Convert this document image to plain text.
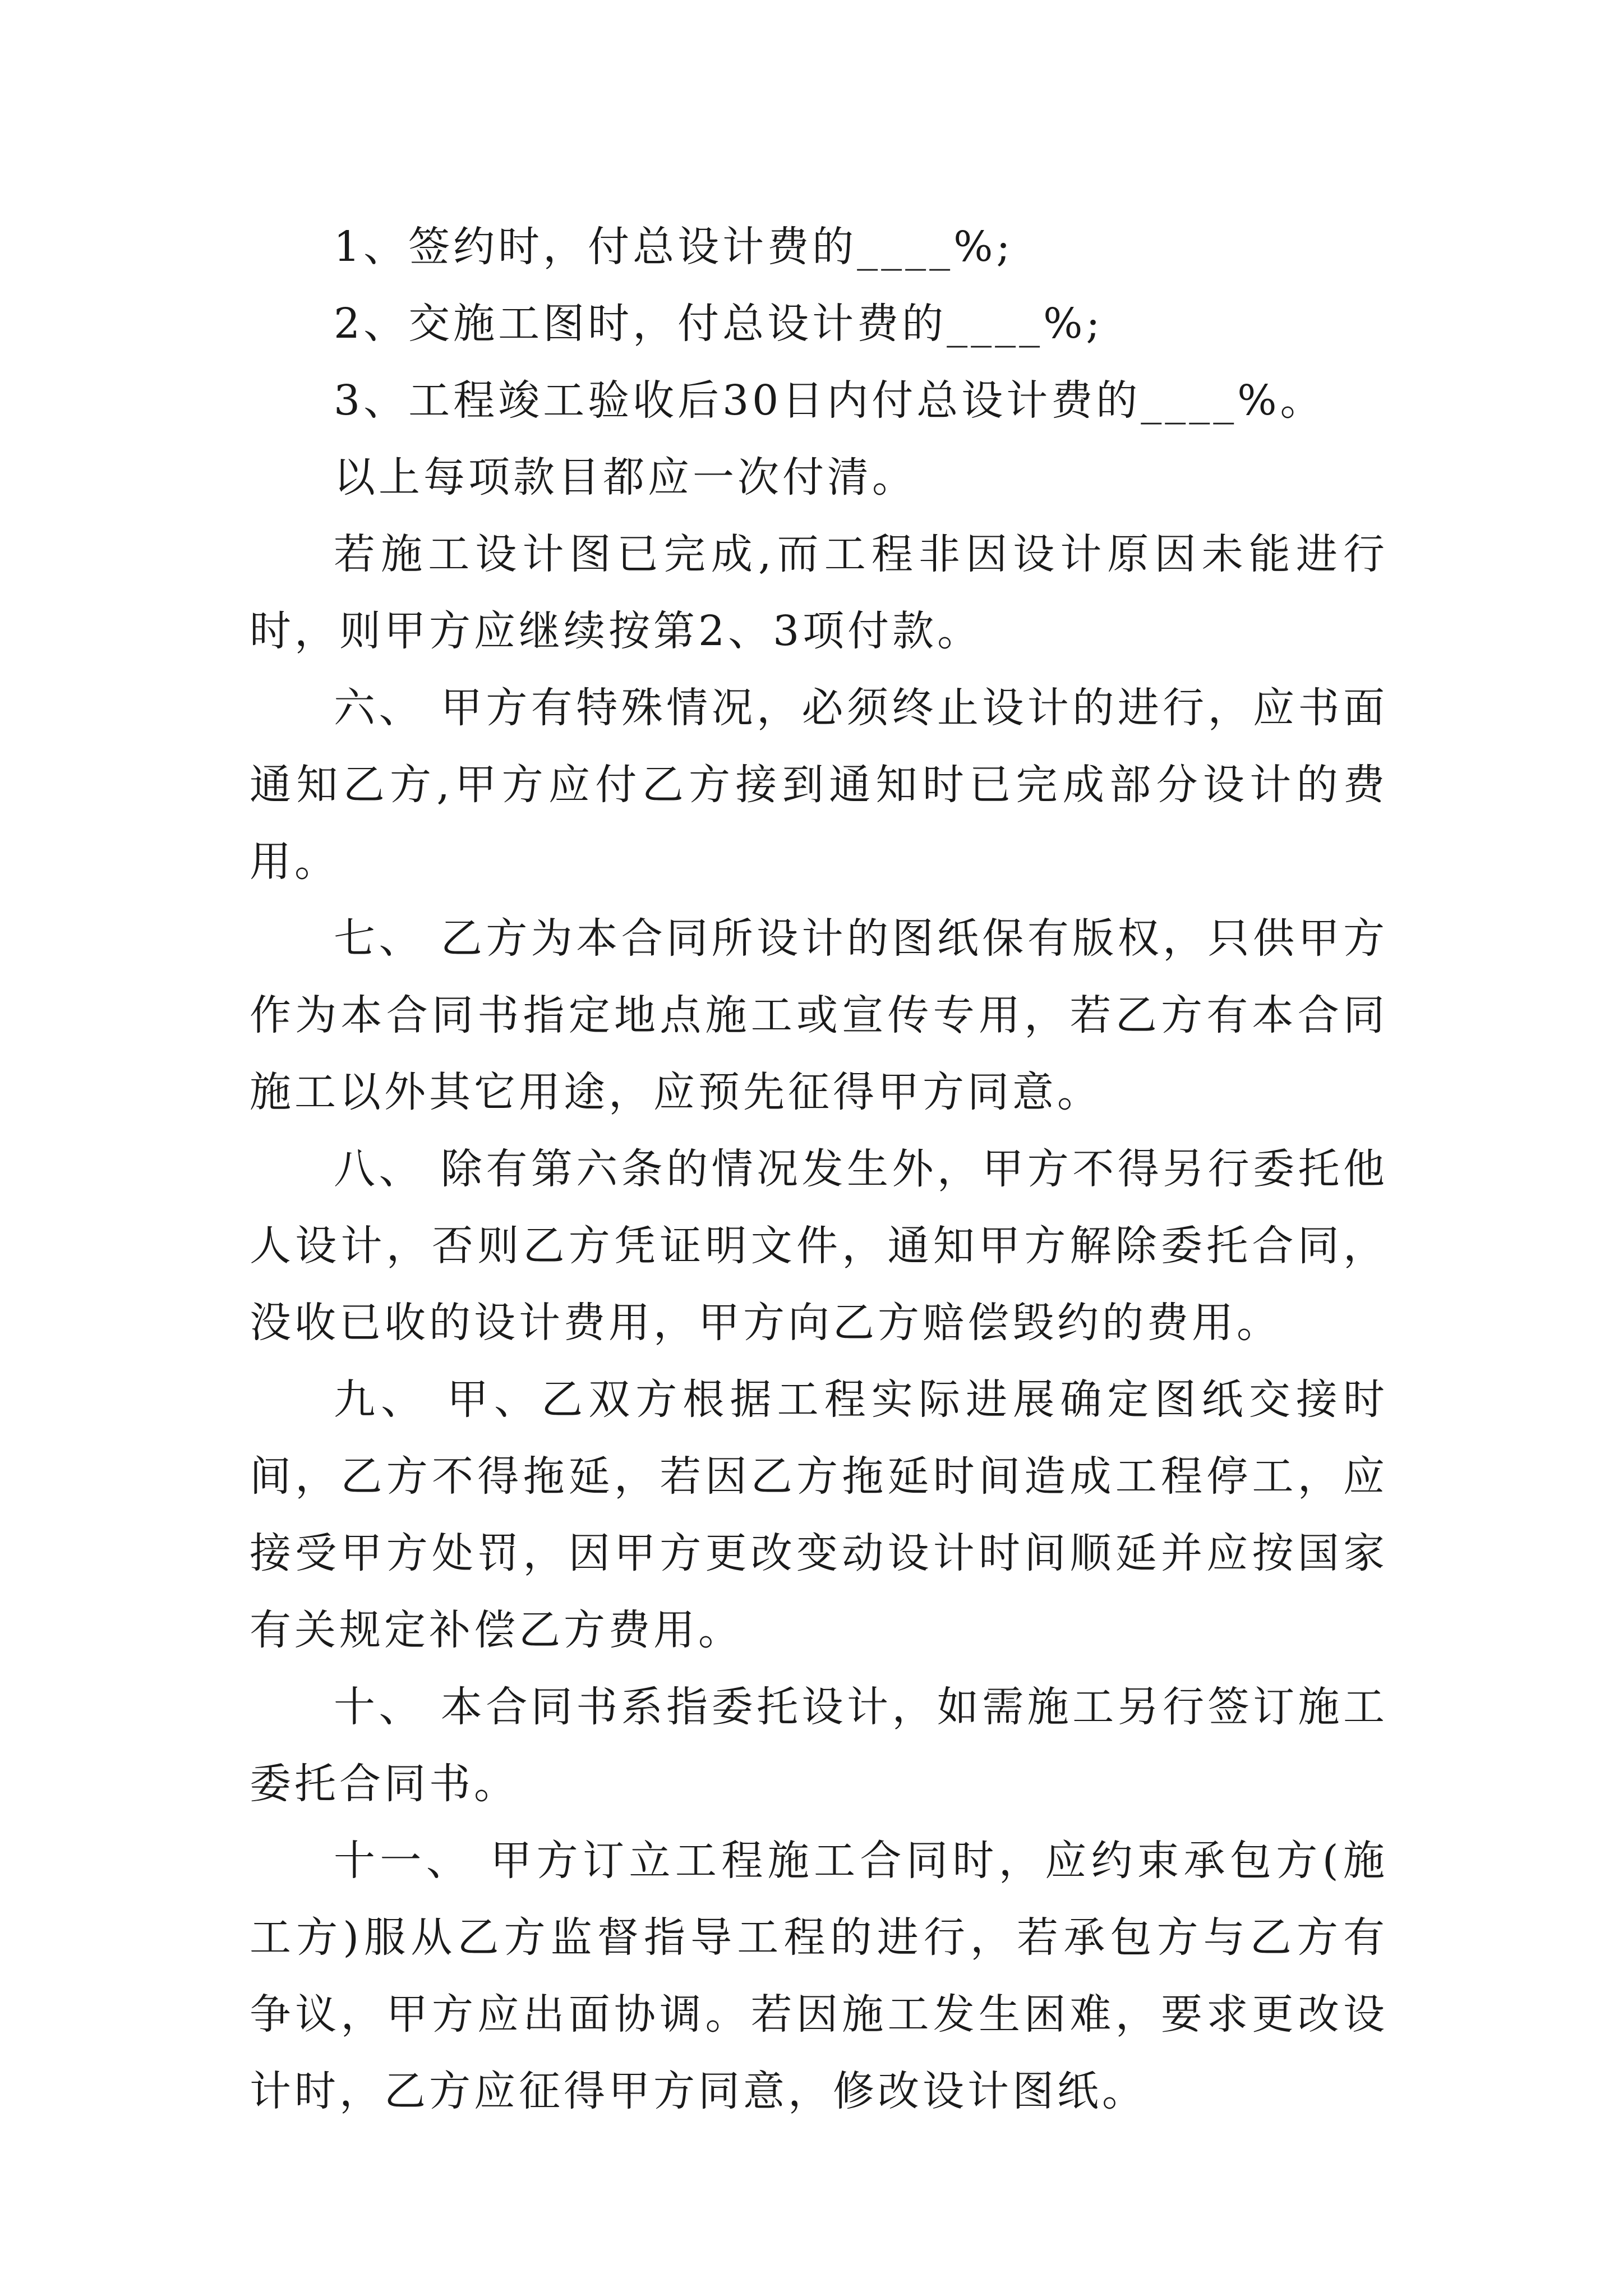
1、签约时，付总设计费的____%;

2、交施工图时，付总设计费的____%;

3、工程竣工验收后30日内付总设计费的____%。

以上每项款目都应一次付清。

若施工设计图已完成,而工程非因设计原因未能进行时，则甲方应继续按第2、3项付款。

六、 甲方有特殊情况，必须终止设计的进行，应书面通知乙方,甲方应付乙方接到通知时已完成部分设计的费用。

七、 乙方为本合同所设计的图纸保有版权，只供甲方作为本合同书指定地点施工或宣传专用，若乙方有本合同施工以外其它用途，应预先征得甲方同意。

八、 除有第六条的情况发生外，甲方不得另行委托他人设计，否则乙方凭证明文件，通知甲方解除委托合同，没收已收的设计费用，甲方向乙方赔偿毁约的费用。

九、 甲、乙双方根据工程实际进展确定图纸交接时间，乙方不得拖延，若因乙方拖延时间造成工程停工，应接受甲方处罚，因甲方更改变动设计时间顺延并应按国家有关规定补偿乙方费用。

十、 本合同书系指委托设计，如需施工另行签订施工委托合同书。

十一、 甲方订立工程施工合同时，应约束承包方(施工方)服从乙方监督指导工程的进行，若承包方与乙方有争议，甲方应出面协调。若因施工发生困难，要求更改设计时，乙方应征得甲方同意，修改设计图纸。
